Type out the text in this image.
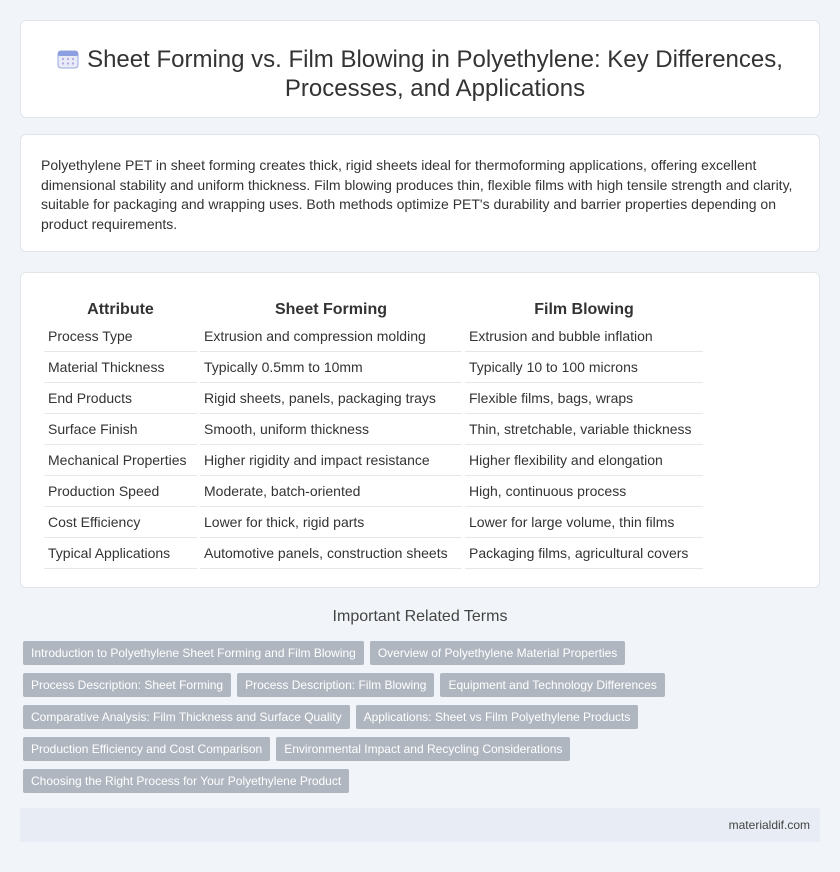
Sheet Forming vs. Film Blowing in Polyethylene: Key Differences, Processes, and Applications

Polyethylene PET in sheet forming creates thick, rigid sheets ideal for thermoforming applications, offering excellent dimensional stability and uniform thickness. Film blowing produces thin, flexible films with high tensile strength and clarity, suitable for packaging and wrapping uses. Both methods optimize PET's durability and barrier properties depending on product requirements.

Attribute	Sheet Forming	Film Blowing
Process Type	Extrusion and compression molding	Extrusion and bubble inflation
Material Thickness	Typically 0.5mm to 10mm	Typically 10 to 100 microns
End Products	Rigid sheets, panels, packaging trays	Flexible films, bags, wraps
Surface Finish	Smooth, uniform thickness	Thin, stretchable, variable thickness
Mechanical Properties	Higher rigidity and impact resistance	Higher flexibility and elongation
Production Speed	Moderate, batch-oriented	High, continuous process
Cost Efficiency	Lower for thick, rigid parts	Lower for large volume, thin films
Typical Applications	Automotive panels, construction sheets	Packaging films, agricultural covers
Important Related Terms
Introduction to Polyethylene Sheet Forming and Film Blowing	Overview of Polyethylene Material Properties
Process Description: Sheet Forming	Process Description: Film Blowing	Equipment and Technology Differences
Comparative Analysis: Film Thickness and Surface Quality	Applications: Sheet vs Film Polyethylene Products
Production Efficiency and Cost Comparison	Environmental Impact and Recycling Considerations
Choosing the Right Process for Your Polyethylene Product
materialdif.com
